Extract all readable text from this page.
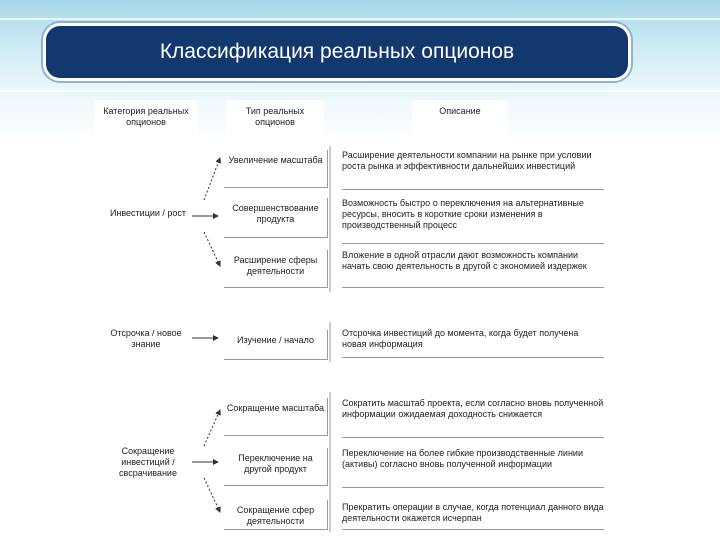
Классификация реальных опционов
Категория реальных опционов
Тип реальных опционов
Описание
Инвестиции / рост
Увеличение масштаба
Совершенствование продукта
Расширение сферы деятельности
Расширение деятельности компании на рынке при условии роста рынка и эффективности дальнейших инвестиций
Возможность быстро о переключения на альтернативные ресурсы, вносить в короткие сроки изменения в производственный процесс
Вложение в одной отрасли дают возможность компании начать свою деятельность в другой с экономией издержек
Отсрочка / новое знание	Изучение / начало
Отсрочка инвестиций до момента, когда будет получена новая информация
Сокращение инвестиций / свсрачивание
Сокращение масштаба
Переключение на другой продукт
Сокращение сфер деятельности
Сократить масштаб проекта, если согласно вновь полученной информации ожидаемая доходность снижается
Переключение на более гибкие производственные линии (активы) согласно вновь полученной информации
Прекратить операции в случае, когда потенциал данного вида деятельности окажется исчерпан
